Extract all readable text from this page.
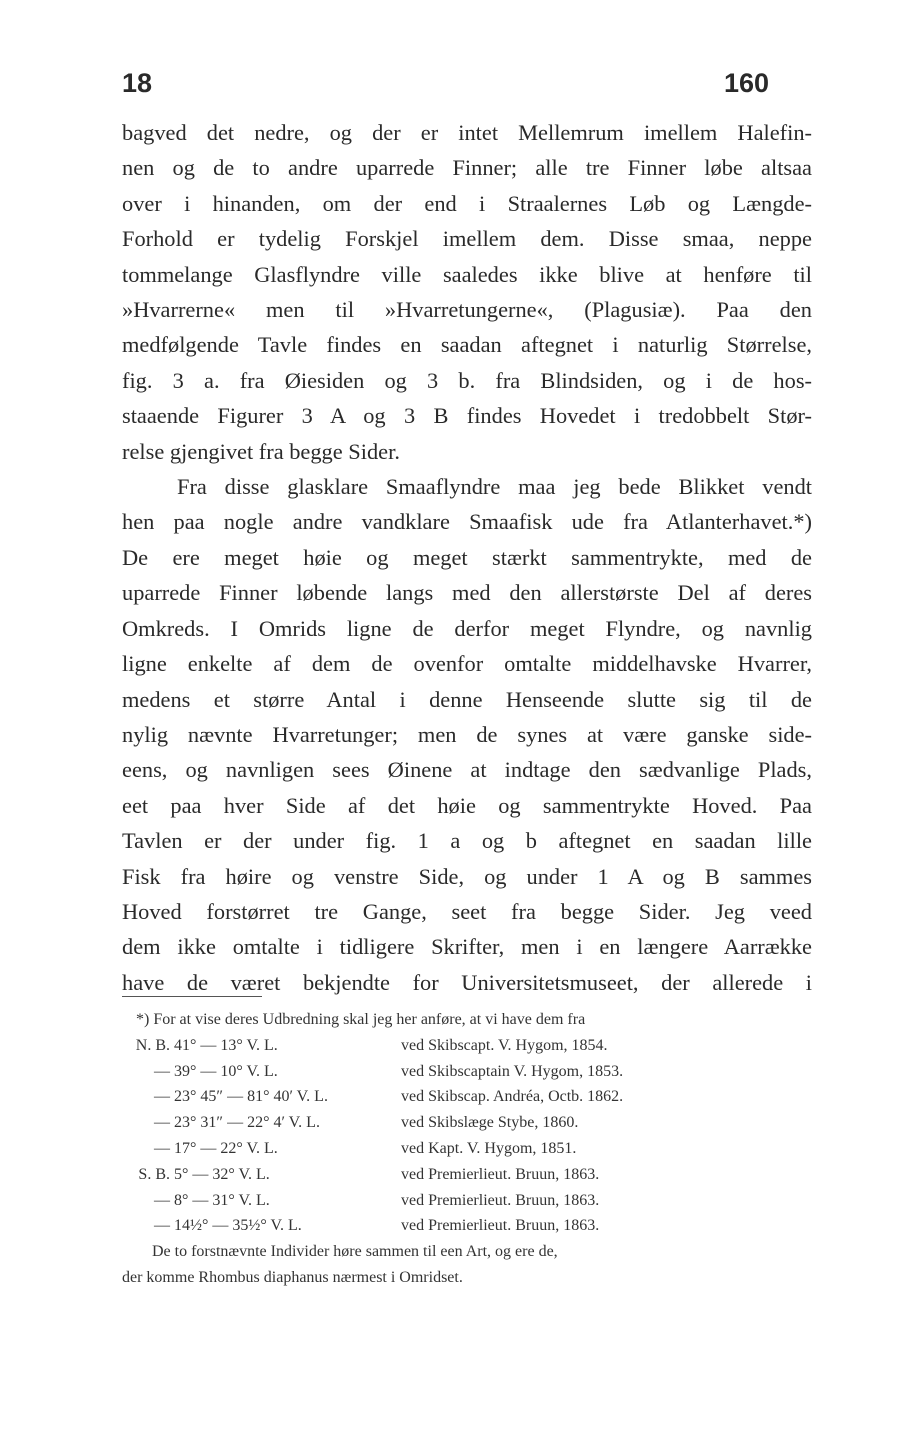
18	160
bagved det nedre, og der er intet Mellemrum imellem Halefin-
nen og de to andre uparrede Finner; alle tre Finner løbe altsaa
over i hinanden, om der end i Straalernes Løb og Længde-
Forhold er tydelig Forskjel imellem dem. Disse smaa, neppe
tommelange Glasflyndre ville saaledes ikke blive at henføre til
»Hvarrerne« men til »Hvarretungerne«, (Plagusiæ). Paa den
medfølgende Tavle findes en saadan aftegnet i naturlig Størrelse,
fig. 3 a. fra Øiesiden og 3 b. fra Blindsiden, og i de hos-
staaende Figurer 3 A og 3 B findes Hovedet i tredobbelt Stør-
relse gjengivet fra begge Sider.
Fra disse glasklare Smaaflyndre maa jeg bede Blikket vendt
hen paa nogle andre vandklare Smaafisk ude fra Atlanterhavet.*)
De ere meget høie og meget stærkt sammentrykte, med de
uparrede Finner løbende langs med den allerstørste Del af deres
Omkreds. I Omrids ligne de derfor meget Flyndre, og navnlig
ligne enkelte af dem de ovenfor omtalte middelhavske Hvarrer,
medens et større Antal i denne Henseende slutte sig til de
nylig nævnte Hvarretunger; men de synes at være ganske side-
eens, og navnligen sees Øinene at indtage den sædvanlige Plads,
eet paa hver Side af det høie og sammentrykte Hoved. Paa
Tavlen er der under fig. 1 a og b aftegnet en saadan lille
Fisk fra høire og venstre Side, og under 1 A og B sammes
Hoved forstørret tre Gange, seet fra begge Sider. Jeg veed
dem ikke omtalte i tidligere Skrifter, men i en længere Aarrække
have de været bekjendte for Universitetsmuseet, der allerede i
*) For at vise deres Udbredning skal jeg her anføre, at vi have dem fra
N. B. 41° — 13° V. L.	ved Skibscapt. V. Hygom, 1854.
— 39° — 10° V. L.	ved Skibscaptain V. Hygom, 1853.
— 23° 45″ — 81° 40′ V. L.	ved Skibscap. Andréa, Octb. 1862.
— 23° 31″ — 22° 4′ V. L.	ved Skibslæge Stybe, 1860.
— 17° — 22° V. L.	ved Kapt. V. Hygom, 1851.
S. B. 5° — 32° V. L.	ved Premierlieut. Bruun, 1863.
— 8° — 31° V. L.	ved Premierlieut. Bruun, 1863.
— 14½° — 35½° V. L.	ved Premierlieut. Bruun, 1863.
De to forstnævnte Individer høre sammen til een Art, og ere de,
der komme Rhombus diaphanus nærmest i Omridset.
